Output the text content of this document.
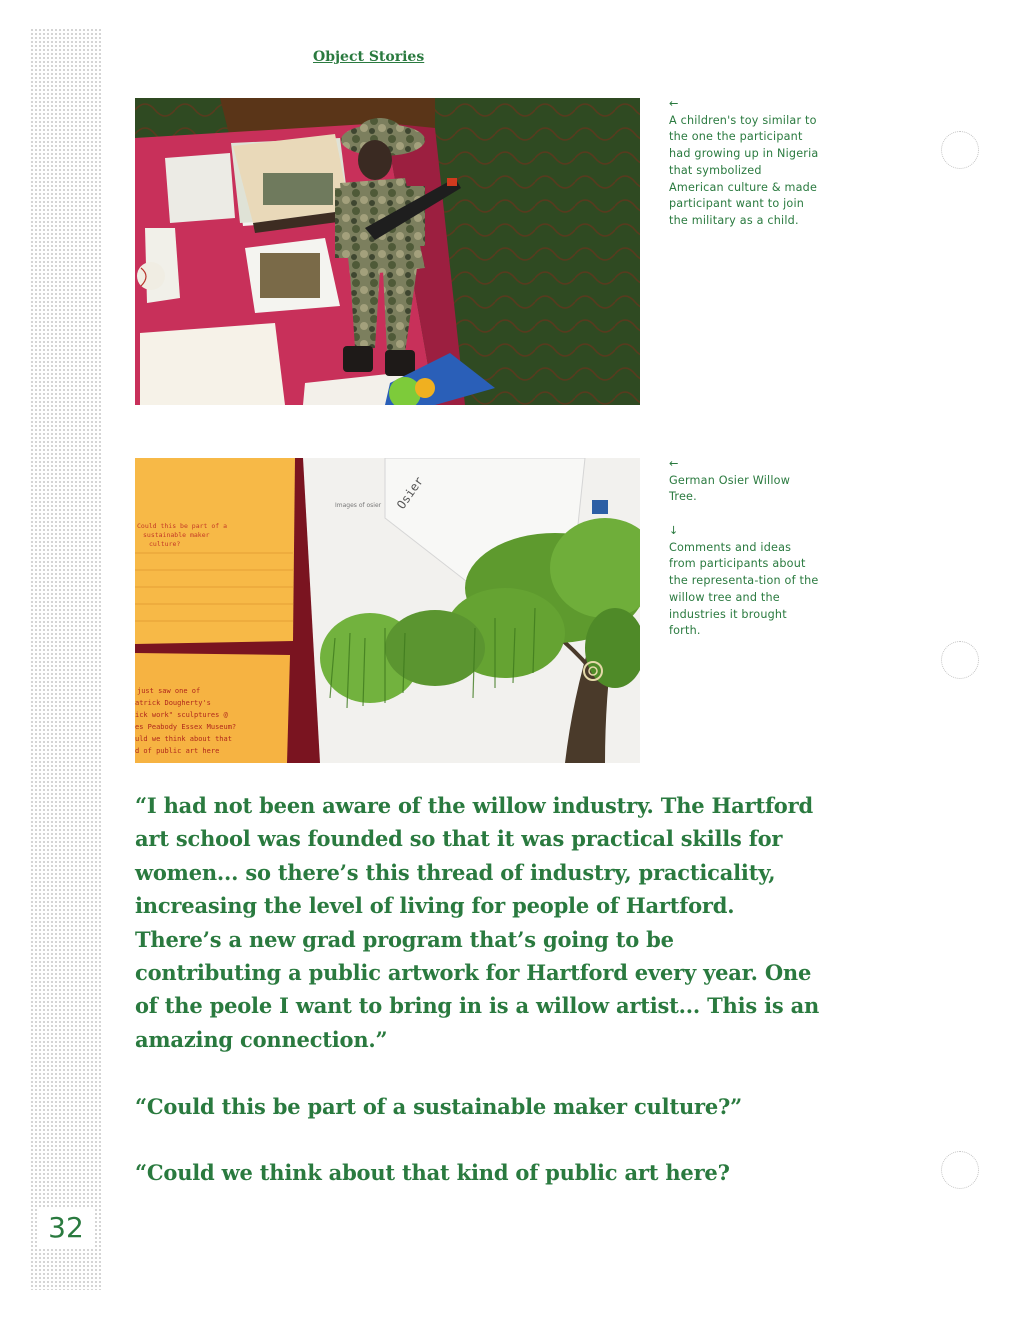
32
Object Stories
←
A children's toy similar to the one the participant had growing up in Nigeria that symbolized American culture & made participant want to join the military as a child.
Images of osier Osier
Could this be part of a sustainable maker culture?
just saw one of atrick Dougherty's ick work" sculptures @ es Peabody Essex Museum? uld we think about that d of public art here
←
German Osier Willow Tree.
↓
Comments and ideas from participants about the representa-tion of the willow tree and the industries it brought forth.

“I had not been aware of the willow industry. The Hartford art school was founded so that it was practical skills for women... so there’s this thread of industry, practicality, increasing the level of living for people of Hartford. There’s a new grad program that’s going to be contributing a public artwork for Hartford every year. One of the peole I want to bring in is a willow artist... This is an amazing connection.”

“Could this be part of a sustainable maker culture?”

“Could we think about that kind of public art here?
